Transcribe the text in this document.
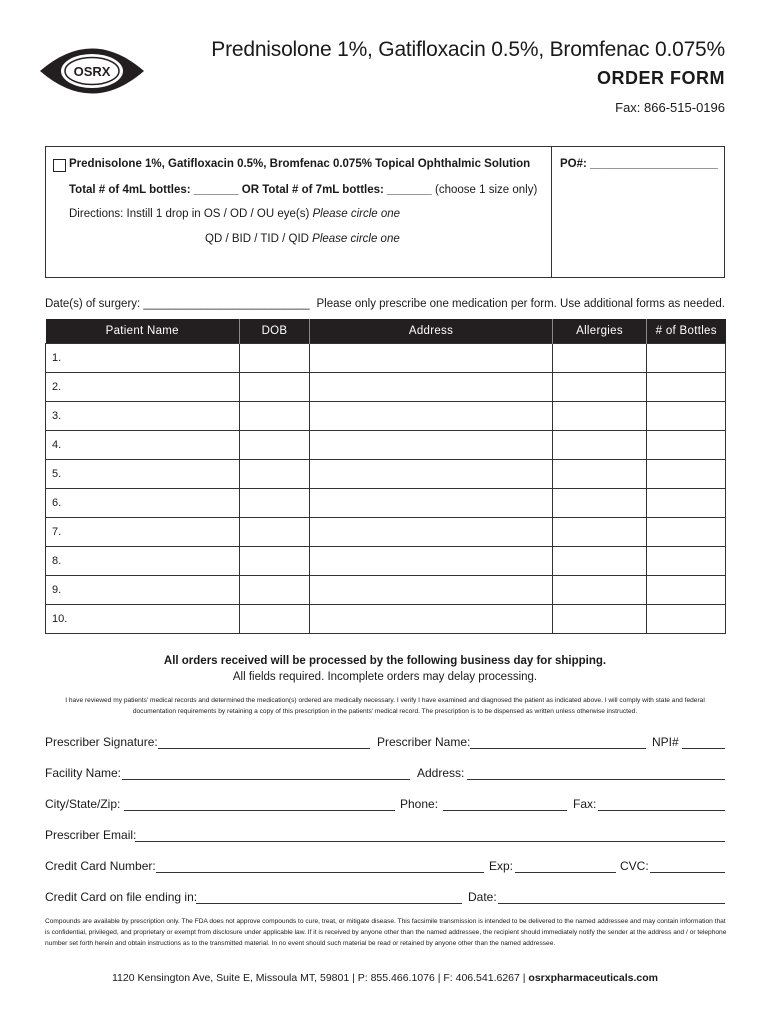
OSRX
Prednisolone 1%, Gatifloxacin 0.5%, Bromfenac 0.075%
ORDER FORM
Fax: 866-515-0196
Prednisolone 1%, Gatifloxacin 0.5%, Bromfenac 0.075% Topical Ophthalmic Solution	PO#: ____________________
Total # of 4mL bottles: _______ OR Total # of 7mL bottles: _______ (choose 1 size only)
Directions: Instill 1 drop in OS / OD / OU eye(s) Please circle one
QD / BID / TID / QID Please circle one
Date(s) of surgery: __________________________ Please only prescribe one medication per form. Use additional forms as needed.
Patient Name	DOB	Address	Allergies	# of Bottles
1.				
2.				
3.				
4.				
5.				
6.				
7.				
8.				
9.				
10.				
All orders received will be processed by the following business day for shipping.
All fields required. Incomplete orders may delay processing.
I have reviewed my patients' medical records and determined the medication(s) ordered are medically necessary. I verify I have examined and diagnosed the patient as indicated above. I will comply with state and federal documentation requirements by retaining a copy of this prescription in the patients' medical record. The prescription is to be dispensed as written unless otherwise instructed.
Prescriber Signature:	Prescriber Name:	NPI#
Facility Name:	Address:
City/State/Zip:	Phone:	Fax:
Prescriber Email:
Credit Card Number:	Exp:	CVC:
Credit Card on file ending in:	Date:
Compounds are available by prescription only. The FDA does not approve compounds to cure, treat, or mitigate disease. This facsimile transmission is intended to be delivered to the named addressee and may contain information that is confidential, privileged, and proprietary or exempt from disclosure under applicable law. If it is received by anyone other than the named addressee, the recipient should immediately notify the sender at the address and / or telephone number set forth herein and obtain instructions as to the transmitted material. In no event should such material be read or retained by anyone other than the named addressee.
1120 Kensington Ave, Suite E, Missoula MT, 59801 | P: 855.466.1076 | F: 406.541.6267 | osrxpharmaceuticals.com
